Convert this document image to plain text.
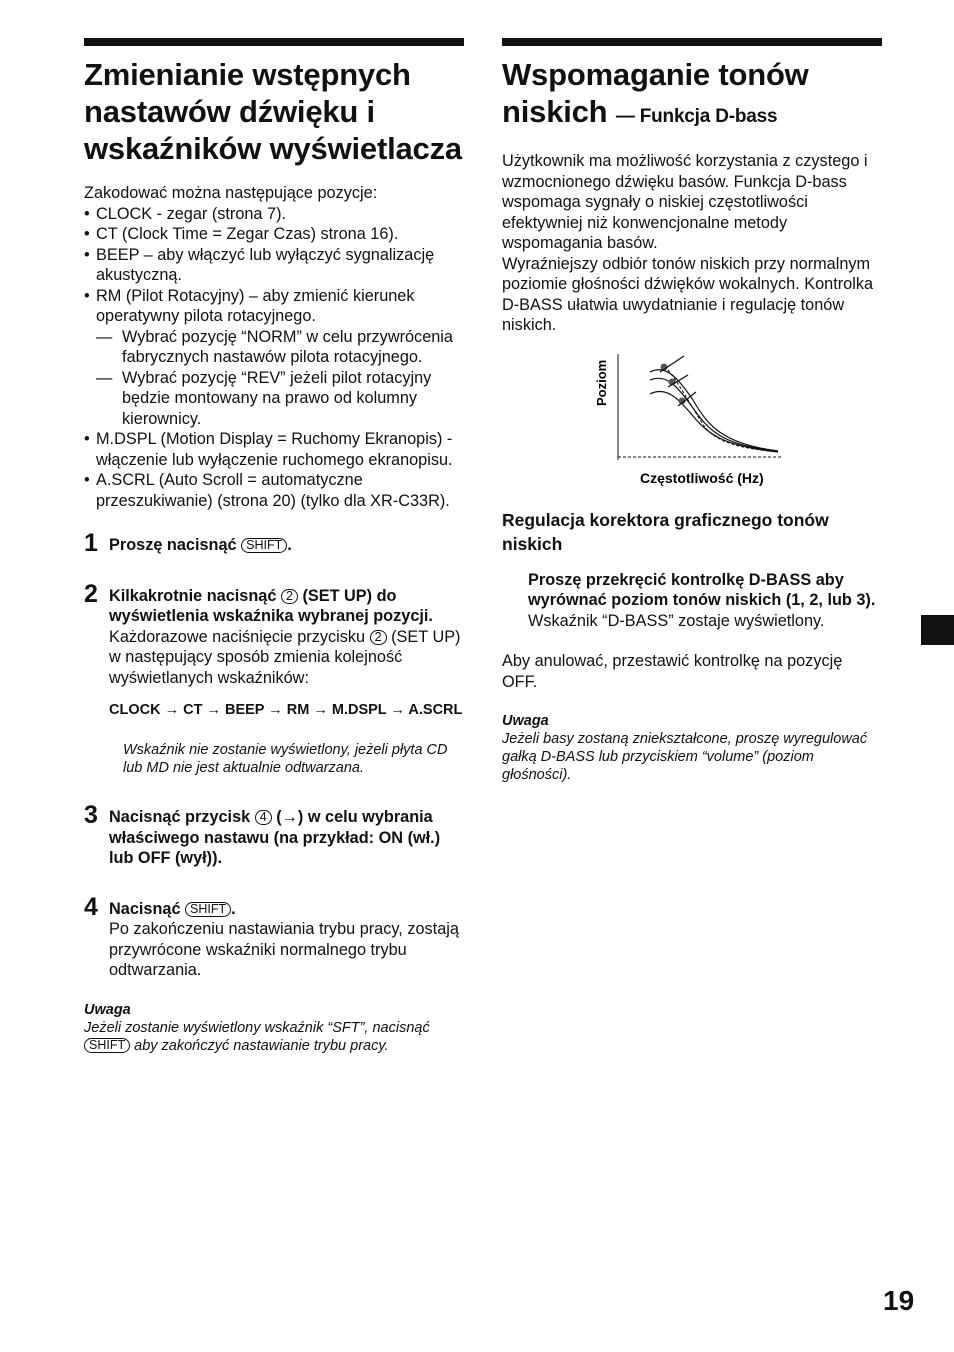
Zmienianie wstępnych nastawów dźwięku i wskaźników wyświetlacza

Zakodować można następujące pozycje:

• CLOCK - zegar (strona 7).
• CT (Clock Time = Zegar Czas) strona 16).
• BEEP – aby włączyć lub wyłączyć sygnalizację akustyczną.
• RM (Pilot Rotacyjny) – aby zmienić kierunek operatywny pilota rotacyjnego.
— Wybrać pozycję “NORM” w celu przywrócenia fabrycznych nastawów pilota rotacyjnego.
— Wybrać pozycję “REV” jeżeli pilot rotacyjny będzie montowany na prawo od kolumny kierownicy.
• M.DSPL (Motion Display = Ruchomy Ekranopis) - włączenie lub wyłączenie ruchomego ekranopisu.
• A.SCRL (Auto Scroll = automatyczne przeszukiwanie) (strona 20) (tylko dla XR-C33R).
1 Proszę nacisnąć SHIFT .
2 Kilkakrotnie nacisnąć 2 (SET UP) do wyświetlenia wskaźnika wybranej pozycji.
Każdorazowe naciśnięcie przycisku 2 (SET UP) w następujący sposób zmienia kolejność wyświetlanych wskaźników:
CLOCK → CT → BEEP → RM → M.DSPL → A.SCRL
Wskaźnik nie zostanie wyświetlony, jeżeli płyta CD lub MD nie jest aktualnie odtwarzana.
3 Nacisnąć przycisk 4 (→) w celu wybrania właściwego nastawu (na przykład: ON (wł.) lub OFF (wył)).
4 Nacisnąć SHIFT .
Po zakończeniu nastawiania trybu pracy, zostają przywrócone wskaźniki normalnego trybu odtwarzania.
Uwaga
Jeżeli zostanie wyświetlony wskaźnik “SFT”, nacisnąć SHIFT aby zakończyć nastawianie trybu pracy.
Wspomaganie tonów niskich — Funkcja D-bass

Użytkownik ma możliwość korzystania z czystego i wzmocnionego dźwięku basów. Funkcja D-bass wspomaga sygnały o niskiej częstotliwości efektywniej niż konwencjonalne metody wspomagania basów.

Wyraźniejszy odbiór tonów niskich przy normalnym poziomie głośności dźwięków wokalnych. Kontrolka D-BASS ułatwia uwydatnianie i regulację tonów niskich.

Poziom
Częstotliwość (Hz)
Regulacja korektora graficznego tonów niskich
Proszę przekręcić kontrolkę D-BASS aby wyrównać poziom tonów niskich (1, 2, lub 3).
Wskaźnik “D-BASS” zostaje wyświetlony.

Aby anulować, przestawić kontrolkę na pozycję OFF.

Uwaga
Jeżeli basy zostaną zniekształcone, proszę wyregulować gałką D-BASS lub przyciskiem “volume” (poziom głośności).
19
